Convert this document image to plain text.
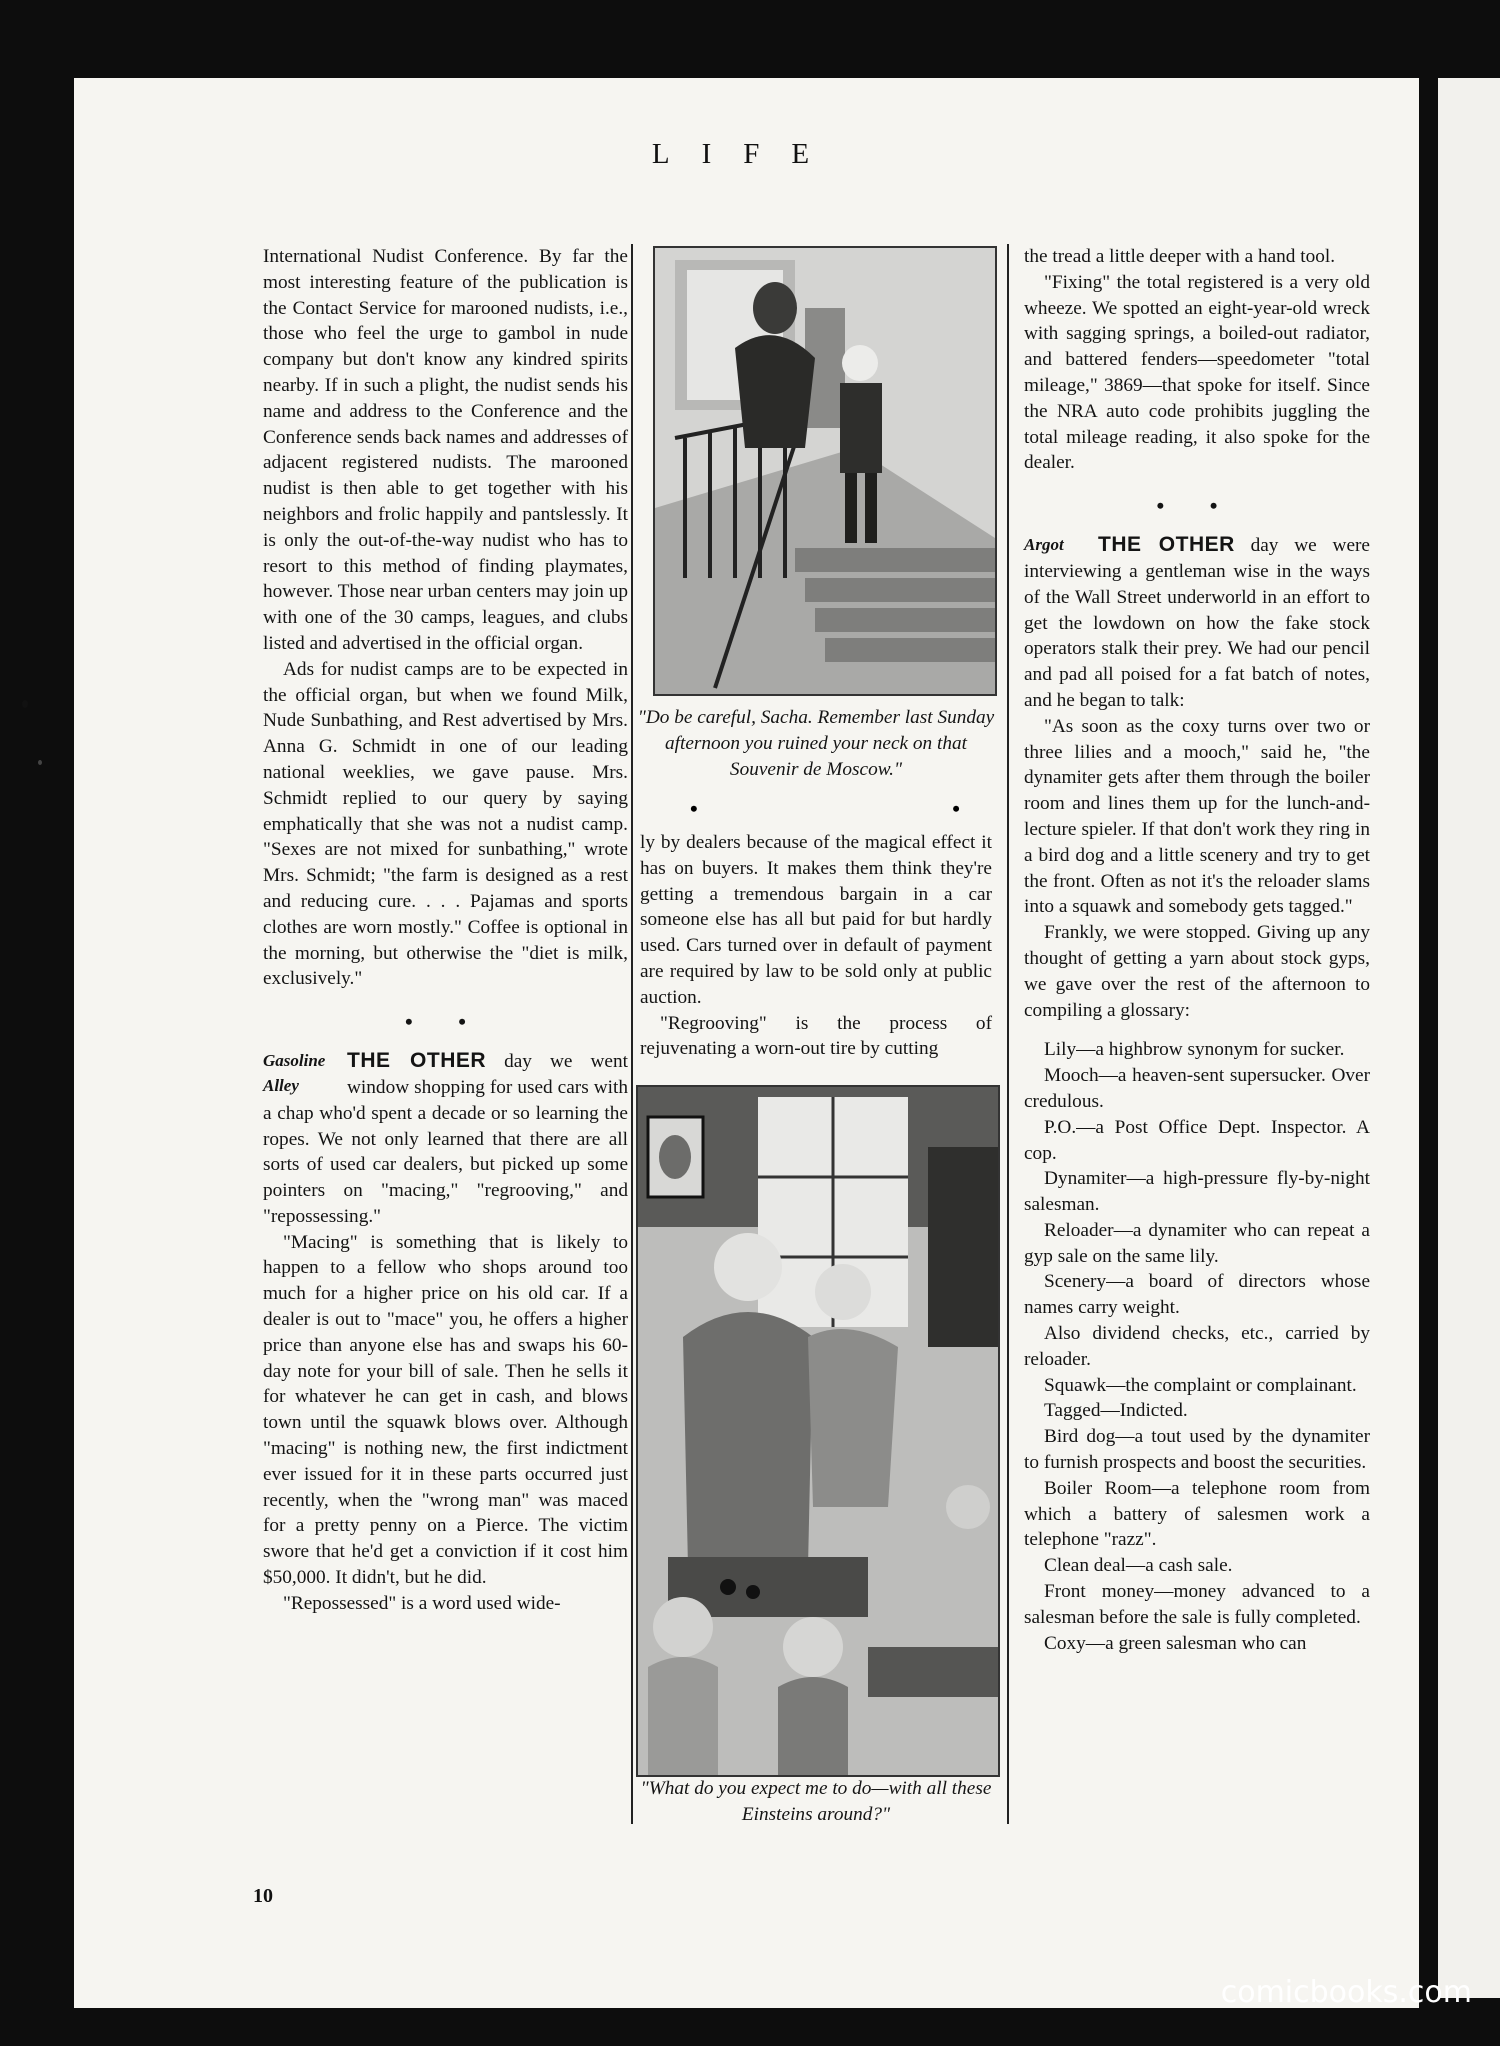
LIFE

International Nudist Conference. By far the most interesting feature of the publication is the Contact Service for marooned nudists, i.e., those who feel the urge to gambol in nude company but don't know any kindred spirits nearby. If in such a plight, the nudist sends his name and address to the Conference and the Conference sends back names and addresses of adjacent registered nudists. The marooned nudist is then able to get together with his neighbors and frolic happily and pantslessly. It is only the out-of-the-way nudist who has to resort to this method of finding playmates, however. Those near urban centers may join up with one of the 30 camps, leagues, and clubs listed and advertised in the official organ.

Ads for nudist camps are to be expected in the official organ, but when we found Milk, Nude Sunbathing, and Rest advertised by Mrs. Anna G. Schmidt in one of our leading national weeklies, we gave pause. Mrs. Schmidt replied to our query by saying emphatically that she was not a nudist camp. "Sexes are not mixed for sunbathing," wrote Mrs. Schmidt; "the farm is designed as a rest and reducing cure. . . . Pajamas and sports clothes are worn mostly." Coffee is optional in the morning, but otherwise the "diet is milk, exclusively."

• •
Gasoline Alley

THE OTHER day we went window shopping for used cars with a chap who'd spent a decade or so learning the ropes. We not only learned that there are all sorts of used car dealers, but picked up some pointers on "macing," "regrooving," and "repossessing."

"Macing" is something that is likely to happen to a fellow who shops around too much for a higher price on his old car. If a dealer is out to "mace" you, he offers a higher price than anyone else has and swaps his 60-day note for your bill of sale. Then he sells it for whatever he can get in cash, and blows town until the squawk blows over. Although "macing" is nothing new, the first indictment ever issued for it in these parts occurred just recently, when the "wrong man" was maced for a pretty penny on a Pierce. The victim swore that he'd get a conviction if it cost him $50,000. It didn't, but he did.

"Repossessed" is a word used wide-

"Do be careful, Sacha. Remember last Sunday afternoon you ruined your neck on that Souvenir de Moscow."
•	•

ly by dealers because of the magical effect it has on buyers. It makes them think they're getting a tremendous bargain in a car someone else has all but paid for but hardly used. Cars turned over in default of payment are required by law to be sold only at public auction.

"Regrooving" is the process of rejuvenating a worn-out tire by cutting

"What do you expect me to do—with all these Einsteins around?"

the tread a little deeper with a hand tool.

"Fixing" the total registered is a very old wheeze. We spotted an eight-year-old wreck with sagging springs, a boiled-out radiator, and battered fenders—speedometer "total mileage," 3869—that spoke for itself. Since the NRA auto code prohibits juggling the total mileage reading, it also spoke for the dealer.

• •
Argot	THE OTHER day we were interviewing a gentleman wise in the ways of the Wall Street underworld in an effort to get the lowdown on how the fake stock operators stalk their prey. We had our pencil and pad all poised for a fat batch of notes, and he began to talk:

"As soon as the coxy turns over two or three lilies and a mooch," said he, "the dynamiter gets after them through the boiler room and lines them up for the lunch-and-lecture spieler. If that don't work they ring in a bird dog and a little scenery and try to get the front. Often as not it's the reloader slams into a squawk and somebody gets tagged."

Frankly, we were stopped. Giving up any thought of getting a yarn about stock gyps, we gave over the rest of the afternoon to compiling a glossary:

Lily—a highbrow synonym for sucker.

Mooch—a heaven-sent supersucker. Over credulous.

P.O.—a Post Office Dept. Inspector. A cop.

Dynamiter—a high-pressure fly-by-night salesman.

Reloader—a dynamiter who can repeat a gyp sale on the same lily.

Scenery—a board of directors whose names carry weight.

Also dividend checks, etc., carried by reloader.

Squawk—the complaint or complainant.

Tagged—Indicted.

Bird dog—a tout used by the dynamiter to furnish prospects and boost the securities.

Boiler Room—a telephone room from which a battery of salesmen work a telephone "razz".

Clean deal—a cash sale.

Front money—money advanced to a salesman before the sale is fully completed.

Coxy—a green salesman who can

10
comicbooks.com
